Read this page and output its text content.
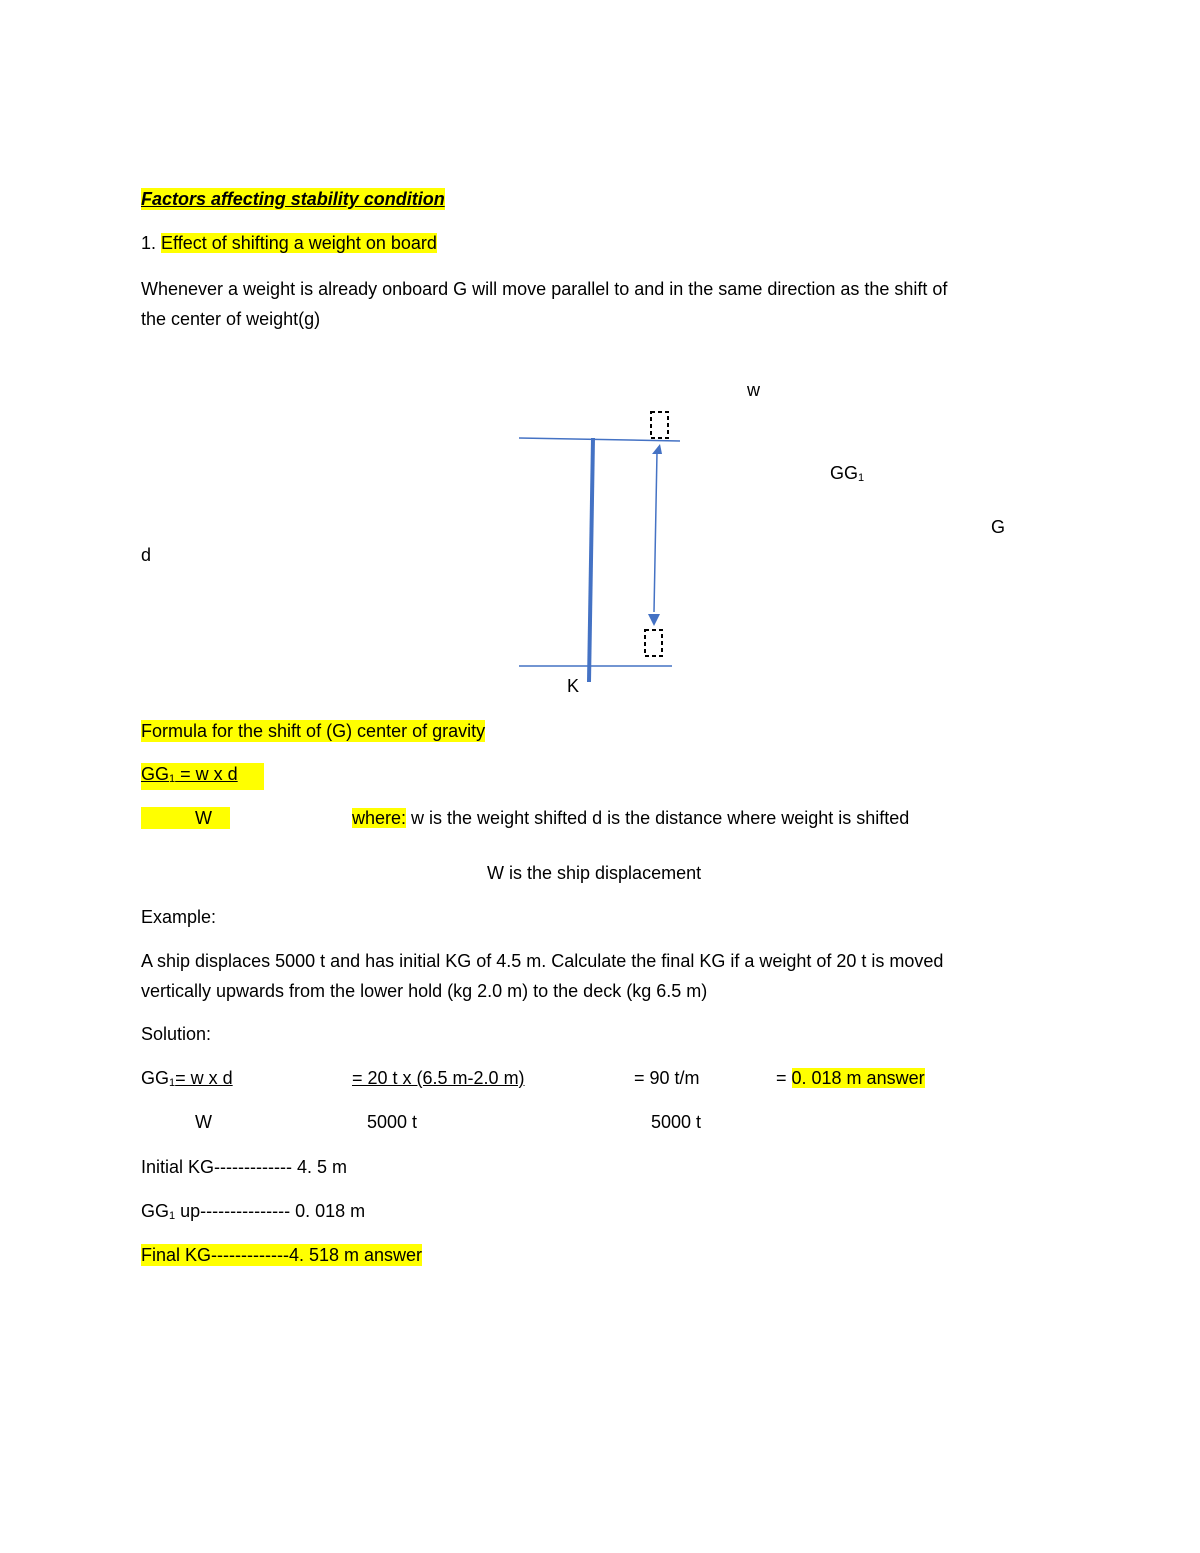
Factors affecting stability condition
1. Effect of shifting a weight on board
Whenever a weight is already onboard G will move parallel to and in the same direction as the shift of
the center of weight(g)
w
$GG_1$
G
d
K
Formula for the shift of (G) center of gravity
$GG_1 = w$ x d
W	where: w is the weight shifted d is the distance where weight is shifted
W is the ship displacement
Example:
A ship displaces 5000 t and has initial KG of 4.5 m. Calculate the final KG if a weight of 20 t is moved
vertically upwards from the lower hold (kg 2.0 m) to the deck (kg 6.5 m)
Solution:
$GG_1= w$ x d	= 20 t x (6.5 m-2.0 m)	= 90 t/m	= 0. 018 m answer
W	5000 t	5000 t
Initial KG------------- 4. 5 m
$GG_1$ up--------------- 0. 018 m
Final KG-------------4. 518 m answer
